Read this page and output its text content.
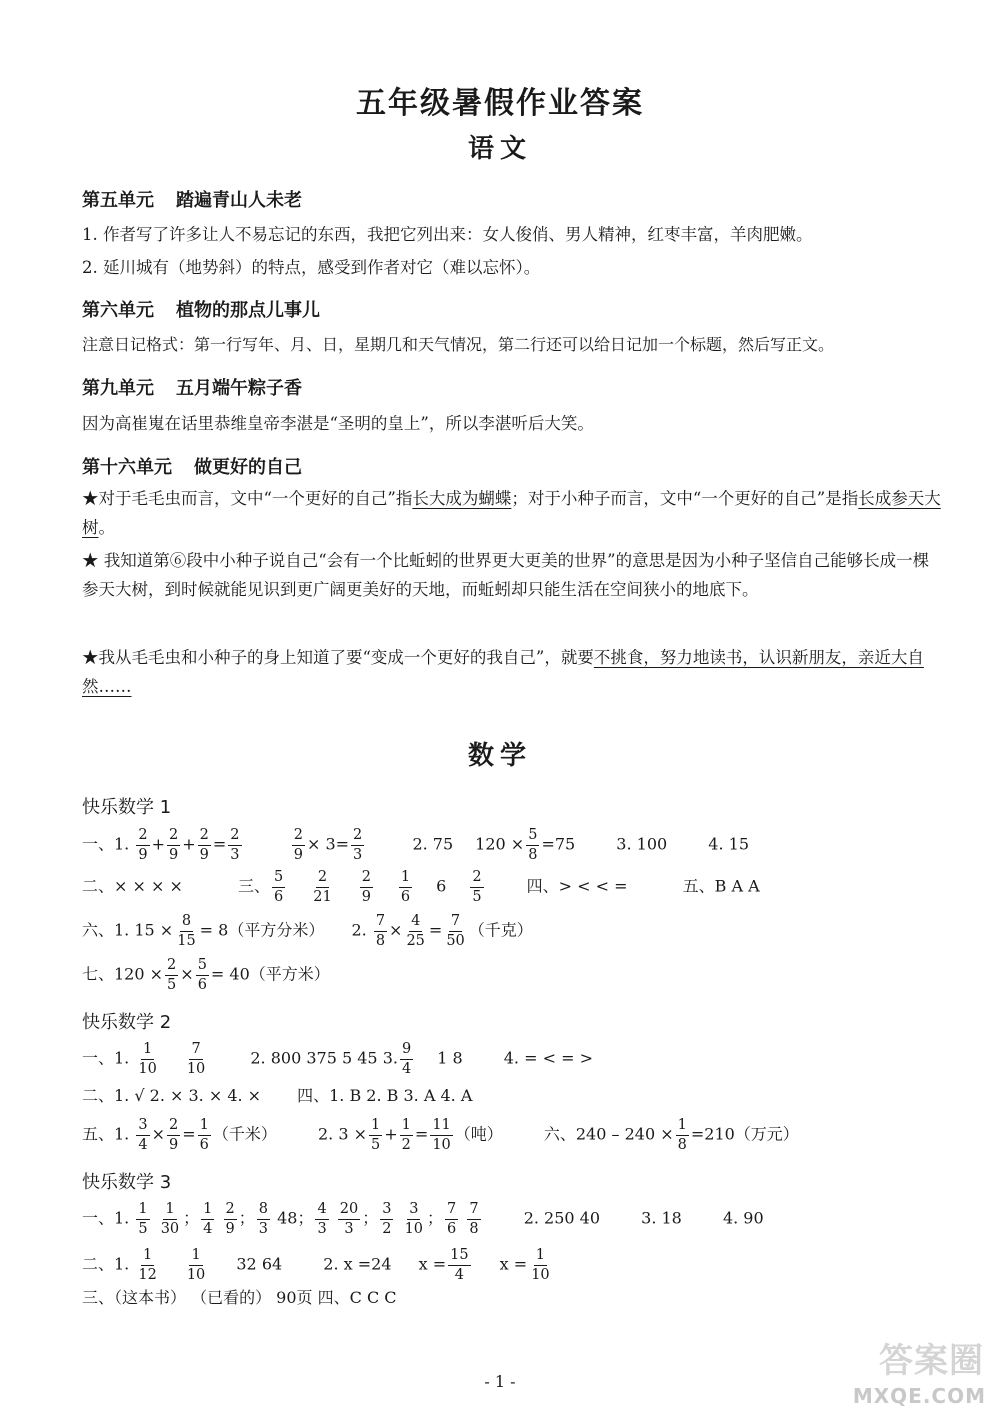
五年级暑假作业答案
语文
第五单元 踏遍青山人未老
1. 作者写了许多让人不易忘记的东西，我把它列出来：女人俊俏、男人精神，红枣丰富，羊肉肥嫩。
2. 延川城有（地势斜）的特点，感受到作者对它（难以忘怀）。
第六单元 植物的那点儿事儿
注意日记格式：第一行写年、月、日，星期几和天气情况，第二行还可以给日记加一个标题，然后写正文。
第九单元 五月端午粽子香
因为高崔嵬在话里恭维皇帝李湛是“圣明的皇上”，所以李湛听后大笑。
第十六单元 做更好的自己
★对于毛毛虫而言，文中“一个更好的自己”指长大成为蝴蝶；对于小种子而言，文中“一个更好的自己”是指长成参天大树。
★ 我知道第⑥段中小种子说自己“会有一个比蚯蚓的世界更大更美的世界”的意思是因为小种子坚信自己能够长成一棵参天大树，到时候就能见识到更广阔更美好的天地，而蚯蚓却只能生活在空间狭小的地底下。
★我从毛毛虫和小种子的身上知道了要“变成一个更好的我自己”，就要不挑食，努力地读书，认识新朋友，亲近大自然……
数学
快乐数学 1
一、1. $\frac{2}{9} + \frac{2}{9} + \frac{2}{9} = \frac{2}{3}$
	$\frac{2}{9} \times 3= \frac{2}{3}$	2. 75 $120 \times \frac{5}{8} =75$	3. 100	4. 15
二、× × × ×	三、 $\frac{5}{6} \frac{2}{21} \frac{2}{9} \frac{1}{6} 6 \frac{2}{5}$	四、> < < =	五、B A A
六、1. $15 \times \frac{8}{15} = 8$（平方分米） 2. $\frac{7}{8} \times \frac{4}{25} = \frac{7}{50}$ （千克）
七、$120 \times \frac{2}{5} \times \frac{5}{6} = 40$（平方米）
快乐数学 2
一、1. $\frac{1}{10} \frac{7}{10}$	2. 800 375 5 45 3. $\frac{9}{4} 1$ 8	4. = < = >
二、1. √ 2. × 3. × 4. × 四、1. B 2. B 3. A 4. A
五、1. $\frac{3}{4} \times \frac{2}{9} = \frac{1}{6}$ （千米）	2. $3 \times \frac{1}{5} + \frac{1}{2} = \frac{11}{10}$ （吨）	六、$240 - 240 \times \frac{1}{8} =210$（万元）
快乐数学 3
一、1. $\frac{1}{5}$
$\frac{1}{30}$ ； $\frac{1}{4}$
$\frac{2}{9}$ ； $\frac{8}{3} 48$； $\frac{4}{3}$
$\frac{20}{3}$ ； $\frac{3}{2}$
$\frac{3}{10}$ ； $\frac{7}{6}$
$\frac{7}{8}$	2. 250 40	3. 18	4. 90
二、1. $\frac{1}{12} \frac{1}{10} 32$ 64	2. x =24 $x = \frac{15}{4}$ $x = \frac{1}{10}$
三、（这本书） （已看的） 90页 四、C C C
- 1 -
答案圈
MXQE.COM
